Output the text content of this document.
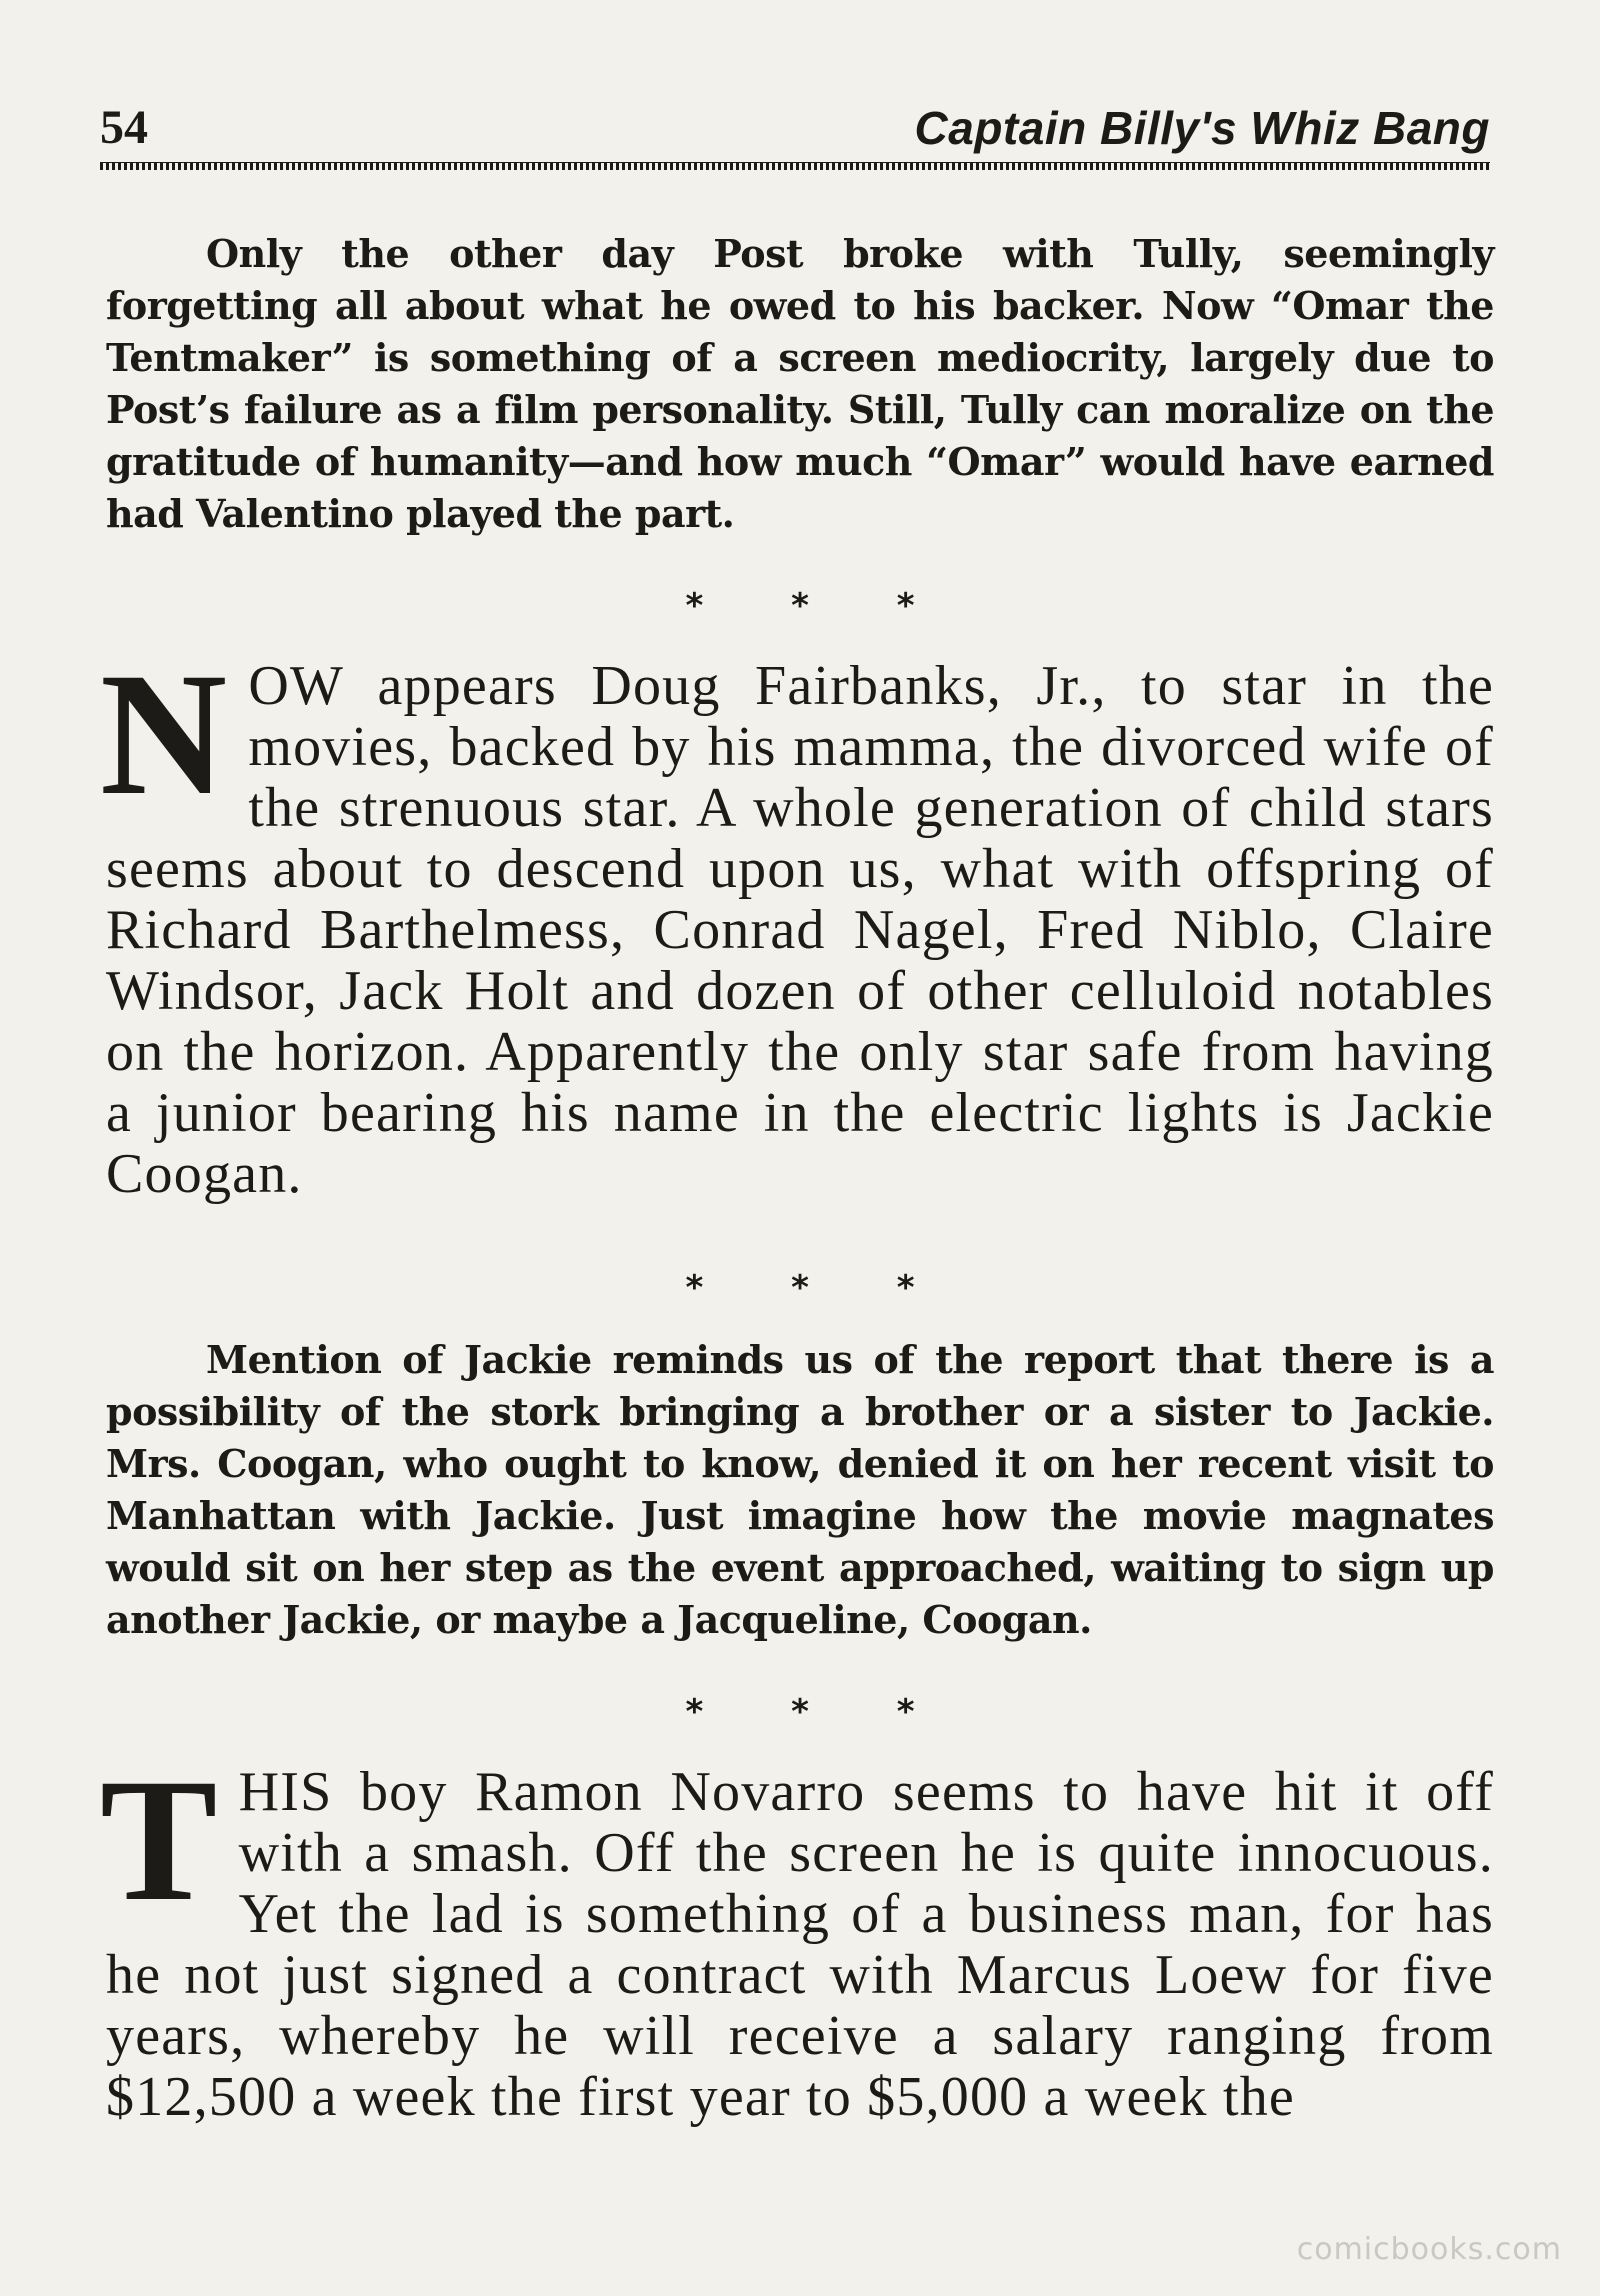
54	Captain Billy's Whiz Bang

Only the other day Post broke with Tully, seemingly forgetting all about what he owed to his backer. Now “Omar the Tentmaker” is something of a screen mediocrity, largely due to Post’s failure as a film personality. Still, Tully can moralize on the gratitude of humanity—and how much “Omar” would have earned had Valentino played the part.

* * *
N OW appears Doug Fairbanks, Jr., to star in the movies, backed by his mamma, the divorced wife of the strenuous star. A whole generation of child stars seems about to descend upon us, what with offspring of Richard Barthelmess, Conrad Nagel, Fred Niblo, Claire Windsor, Jack Holt and dozen of other celluloid notables on the horizon. Apparently the only star safe from having a junior bearing his name in the electric lights is Jackie Coogan.

* * *

Mention of Jackie reminds us of the report that there is a possibility of the stork bringing a brother or a sister to Jackie. Mrs. Coogan, who ought to know, denied it on her recent visit to Manhattan with Jackie. Just imagine how the movie magnates would sit on her step as the event approached, waiting to sign up another Jackie, or maybe a Jacqueline, Coogan.

* * *
T HIS boy Ramon Novarro seems to have hit it off with a smash. Off the screen he is quite innocuous. Yet the lad is something of a business man, for has he not just signed a contract with Marcus Loew for five years, whereby he will receive a salary ranging from $12,500 a week the first year to $5,000 a week the

comicbooks.com
